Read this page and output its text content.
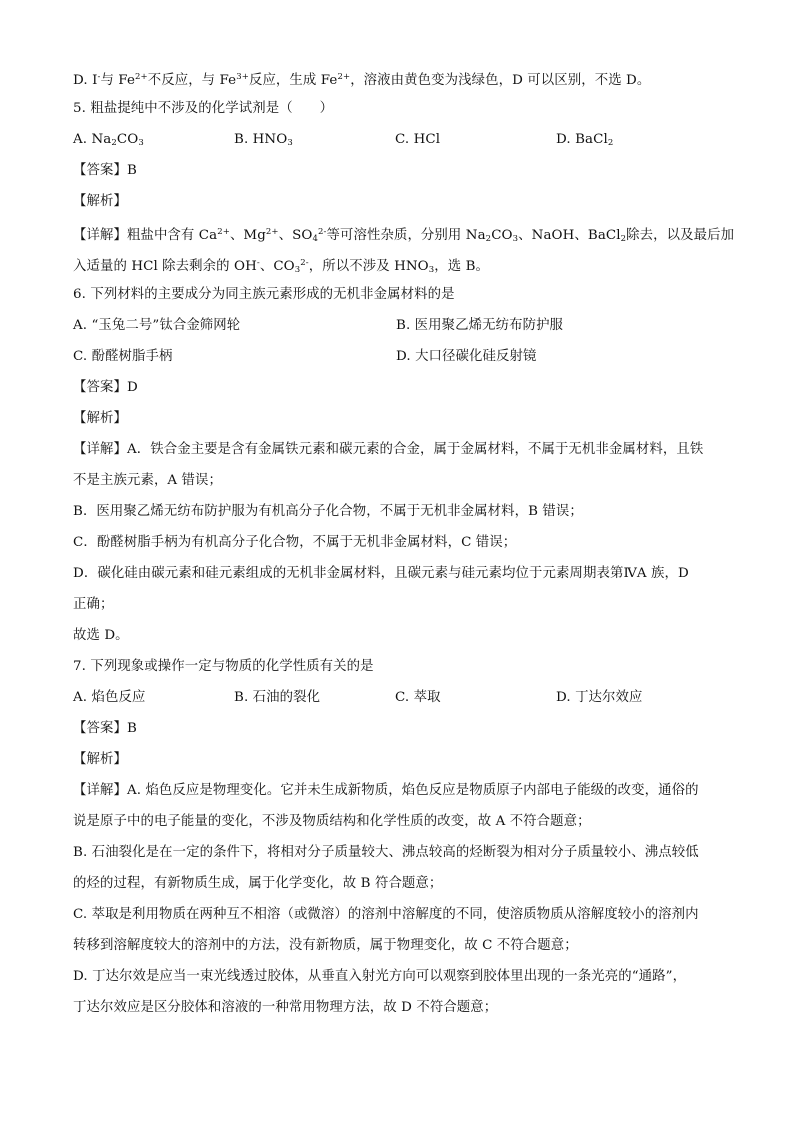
D. I-与 $Fe^{2+}$不反应，与 $Fe^{3+}$反应，生成 $Fe^{2+}$，溶液由黄色变为浅绿色，D 可以区别，不选 D。
5. 粗盐提纯中不涉及的化学试剂是（　　）
A. $Na_2CO_3$	B. $HNO_3$	C. HCl	D. BaCl$_2$
【答案】B
【解析】
【详解】粗盐中含有 $Ca^{2+}$、$Mg^{2+}$、$SO_4^{2-}$等可溶性杂质，分别用 $Na_2CO_3$、NaOH、BaCl$_2$除去，以及最后加
入适量的 HCl 除去剩余的 OH-、$CO_3^{2-}$，所以不涉及 $HNO_3$，选 B。
6. 下列材料的主要成分为同主族元素形成的无机非金属材料的是
A. “玉兔二号”钛合金筛网轮	B. 医用聚乙烯无纺布防护服
C. 酚醛树脂手柄	D. 大口径碳化硅反射镜
【答案】D
【解析】
【详解】A．铁合金主要是含有金属铁元素和碳元素的合金，属于金属材料，不属于无机非金属材料，且铁
不是主族元素，A 错误；
B．医用聚乙烯无纺布防护服为有机高分子化合物，不属于无机非金属材料，B 错误；
C．酚醛树脂手柄为有机高分子化合物，不属于无机非金属材料，C 错误；
D．碳化硅由碳元素和硅元素组成的无机非金属材料，且碳元素与硅元素均位于元素周期表第ⅣA 族，D
正确；
故选 D。
7. 下列现象或操作一定与物质的化学性质有关的是
A. 焰色反应	B. 石油的裂化	C. 萃取	D. 丁达尔效应
【答案】B
【解析】
【详解】A. 焰色反应是物理变化。它并未生成新物质，焰色反应是物质原子内部电子能级的改变，通俗的
说是原子中的电子能量的变化，不涉及物质结构和化学性质的改变，故 A 不符合题意；
B. 石油裂化是在一定的条件下，将相对分子质量较大、沸点较高的烃断裂为相对分子质量较小、沸点较低
的烃的过程，有新物质生成，属于化学变化，故 B 符合题意；
C. 萃取是利用物质在两种互不相溶（或微溶）的溶剂中溶解度的不同，使溶质物质从溶解度较小的溶剂内
转移到溶解度较大的溶剂中的方法，没有新物质，属于物理变化，故 C 不符合题意；
D. 丁达尔效是应当一束光线透过胶体，从垂直入射光方向可以观察到胶体里出现的一条光亮的“通路”，
丁达尔效应是区分胶体和溶液的一种常用物理方法，故 D 不符合题意；
